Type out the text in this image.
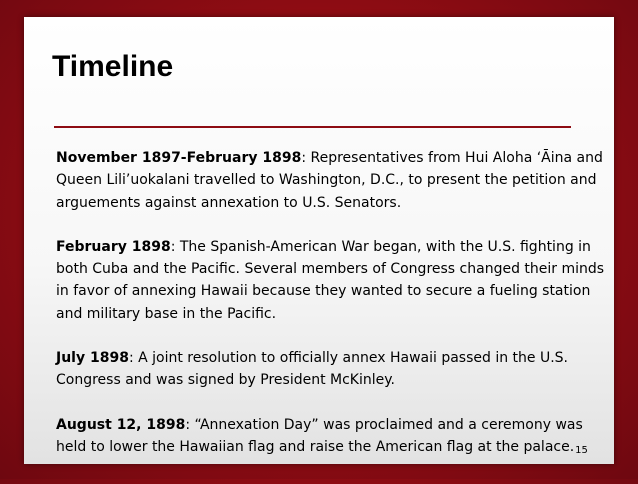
Timeline

November 1897-February 1898: Representatives from Hui Aloha ‘Āina and Queen Lili’uokalani travelled to Washington, D.C., to present the petition and arguements against annexation to U.S. Senators.

February 1898: The Spanish-American War began, with the U.S. fighting in both Cuba and the Pacific. Several members of Congress changed their minds in favor of annexing Hawaii because they wanted to secure a fueling station and military base in the Pacific.

July 1898: A joint resolution to officially annex Hawaii passed in the U.S. Congress and was signed by President McKinley.

August 12, 1898: “Annexation Day” was proclaimed and a ceremony was held to lower the Hawaiian flag and raise the American flag at the palace.15
